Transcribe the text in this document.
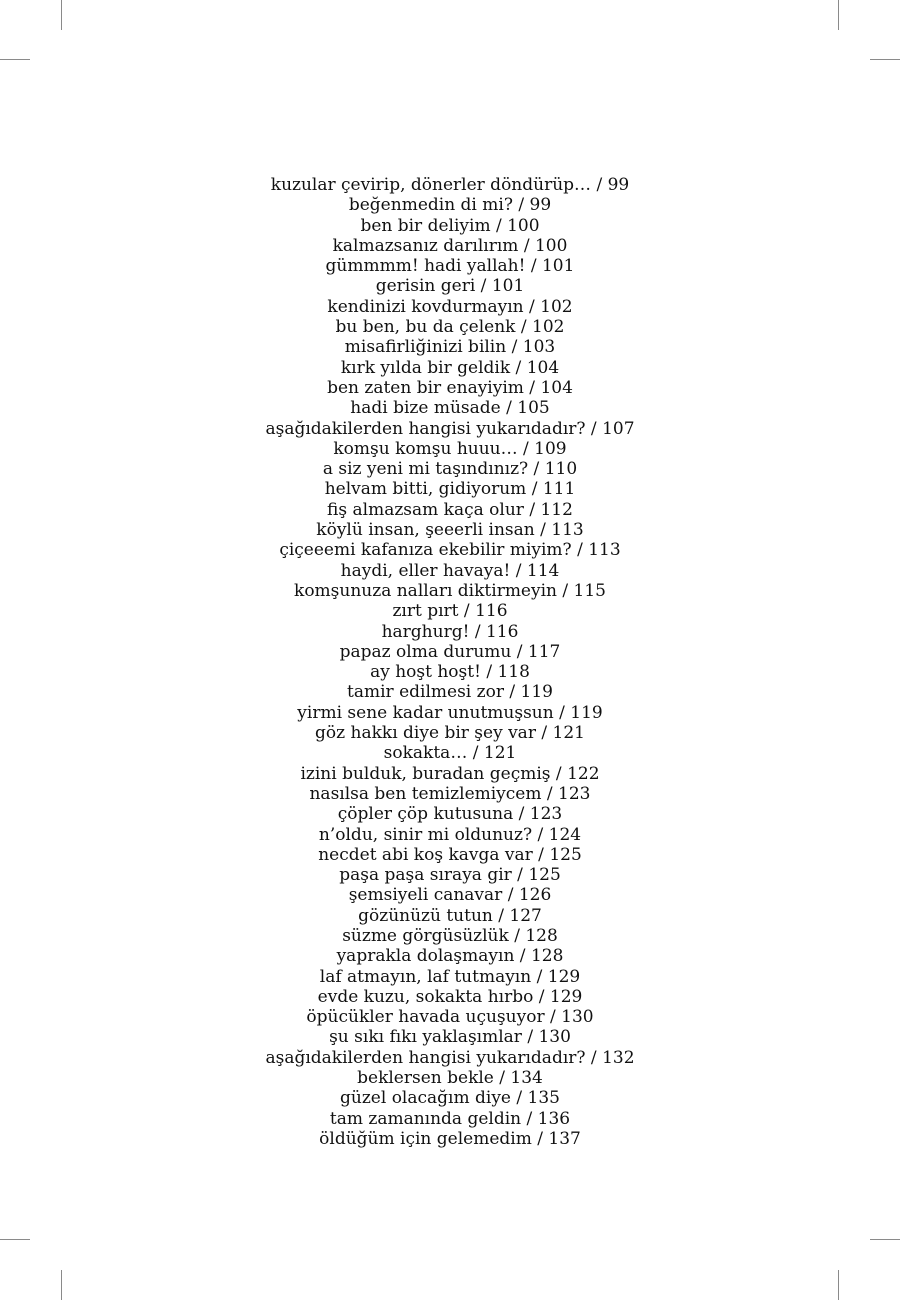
kuzular çevirip, dönerler döndürüp… / 99
beğenmedin di mi? / 99
ben bir deliyim / 100
kalmazsanız darılırım / 100
gümmmm! hadi yallah! / 101
gerisin geri / 101
kendinizi kovdurmayın / 102
bu ben, bu da çelenk / 102
misafirliğinizi bilin / 103
kırk yılda bir geldik / 104
ben zaten bir enayiyim / 104
hadi bize müsade / 105
aşağıdakilerden hangisi yukarıdadır? / 107
komşu komşu huuu… / 109
a siz yeni mi taşındınız? / 110
helvam bitti, gidiyorum / 111
fiş almazsam kaça olur / 112
köylü insan, şeeerli insan / 113
çiçeeemi kafanıza ekebilir miyim? / 113
haydi, eller havaya! / 114
komşunuza nalları diktirmeyin / 115
zırt pırt / 116
harghurg! / 116
papaz olma durumu / 117
ay hoşt hoşt! / 118
tamir edilmesi zor / 119
yirmi sene kadar unutmuşsun / 119
göz hakkı diye bir şey var / 121
sokakta… / 121
izini bulduk, buradan geçmiş / 122
nasılsa ben temizlemiycem / 123
çöpler çöp kutusuna / 123
n’oldu, sinir mi oldunuz? / 124
necdet abi koş kavga var / 125
paşa paşa sıraya gir / 125
şemsiyeli canavar / 126
gözünüzü tutun / 127
süzme görgüsüzlük / 128
yaprakla dolaşmayın / 128
laf atmayın, laf tutmayın / 129
evde kuzu, sokakta hırbo / 129
öpücükler havada uçuşuyor / 130
şu sıkı fıkı yaklaşımlar / 130
aşağıdakilerden hangisi yukarıdadır? / 132
beklersen bekle / 134
güzel olacağım diye / 135
tam zamanında geldin / 136
öldüğüm için gelemedim / 137
